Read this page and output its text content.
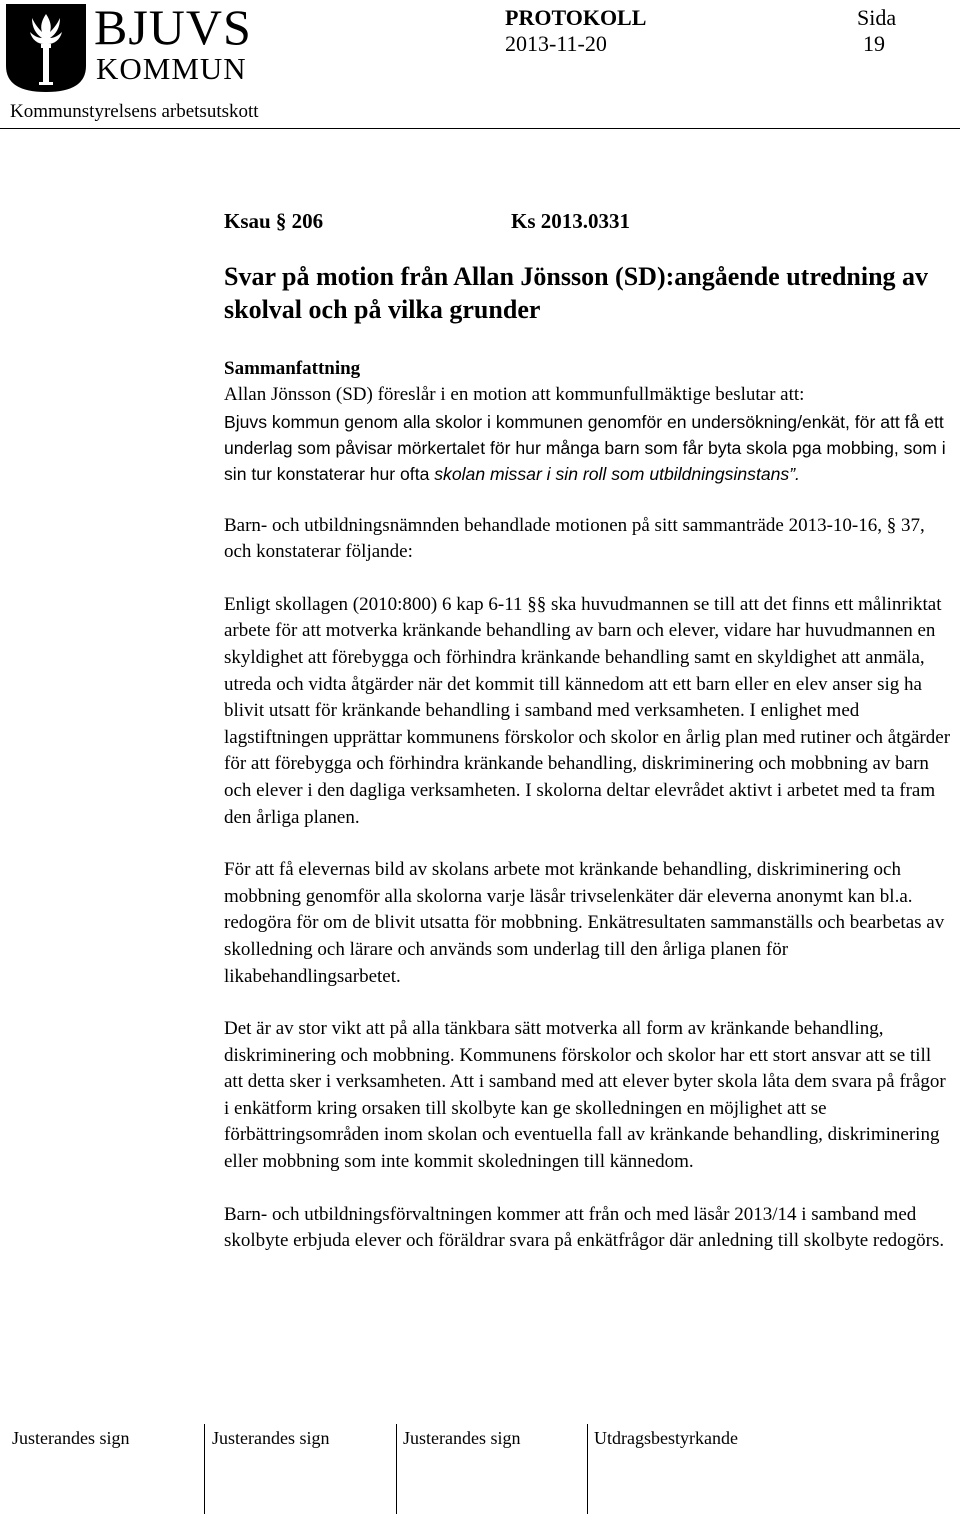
BJUVS
KOMMUN
Kommunstyrelsens arbetsutskott
PROTOKOLL
2013-11-20
Sida
19
Ksau § 206	Ks 2013.0331
Svar på motion från Allan Jönsson (SD):angående utredning av skolval och på vilka grunder
Sammanfattning

Allan Jönsson (SD) föreslår i en motion att kommunfullmäktige beslutar att:

Bjuvs kommun genom alla skolor i kommunen genomför en undersökning/enkät, för att få ett underlag som påvisar mörkertalet för hur många barn som får byta skola pga mobbing, som i sin tur konstaterar hur ofta skolan missar i sin roll som utbildningsinstans”.

Barn- och utbildningsnämnden behandlade motionen på sitt sammanträde 2013-10-16, § 37, och konstaterar följande:

Enligt skollagen (2010:800) 6 kap 6-11 §§ ska huvudmannen se till att det finns ett målinriktat arbete för att motverka kränkande behandling av barn och elever, vidare har huvudmannen en skyldighet att förebygga och förhindra kränkande behandling samt en skyldighet att anmäla, utreda och vidta åtgärder när det kommit till kännedom att ett barn eller en elev anser sig ha blivit utsatt för kränkande behandling i samband med verksamheten. I enlighet med lagstiftningen upprättar kommunens förskolor och skolor en årlig plan med rutiner och åtgärder för att förebygga och förhindra kränkande behandling, diskriminering och mobbning av barn och elever i den dagliga verksamheten. I skolorna deltar elevrådet aktivt i arbetet med ta fram den årliga planen.

För att få elevernas bild av skolans arbete mot kränkande behandling, diskriminering och mobbning genomför alla skolorna varje läsår trivselenkäter där eleverna anonymt kan bl.a. redogöra för om de blivit utsatta för mobbning. Enkätresultaten sammanställs och bearbetas av skolledning och lärare och används som underlag till den årliga planen för likabehandlingsarbetet.

Det är av stor vikt att på alla tänkbara sätt motverka all form av kränkande behandling, diskriminering och mobbning. Kommunens förskolor och skolor har ett stort ansvar att se till att detta sker i verksamheten. Att i samband med att elever byter skola låta dem svara på frågor i enkätform kring orsaken till skolbyte kan ge skolledningen en möjlighet att se förbättringsområden inom skolan och eventuella fall av kränkande behandling, diskriminering eller mobbning som inte kommit skoledningen till kännedom.

Barn- och utbildningsförvaltningen kommer att från och med läsår 2013/14 i samband med skolbyte erbjuda elever och föräldrar svara på enkätfrågor där anledning till skolbyte redogörs.

Justerandes sign	Justerandes sign	Justerandes sign	Utdragsbestyrkande
